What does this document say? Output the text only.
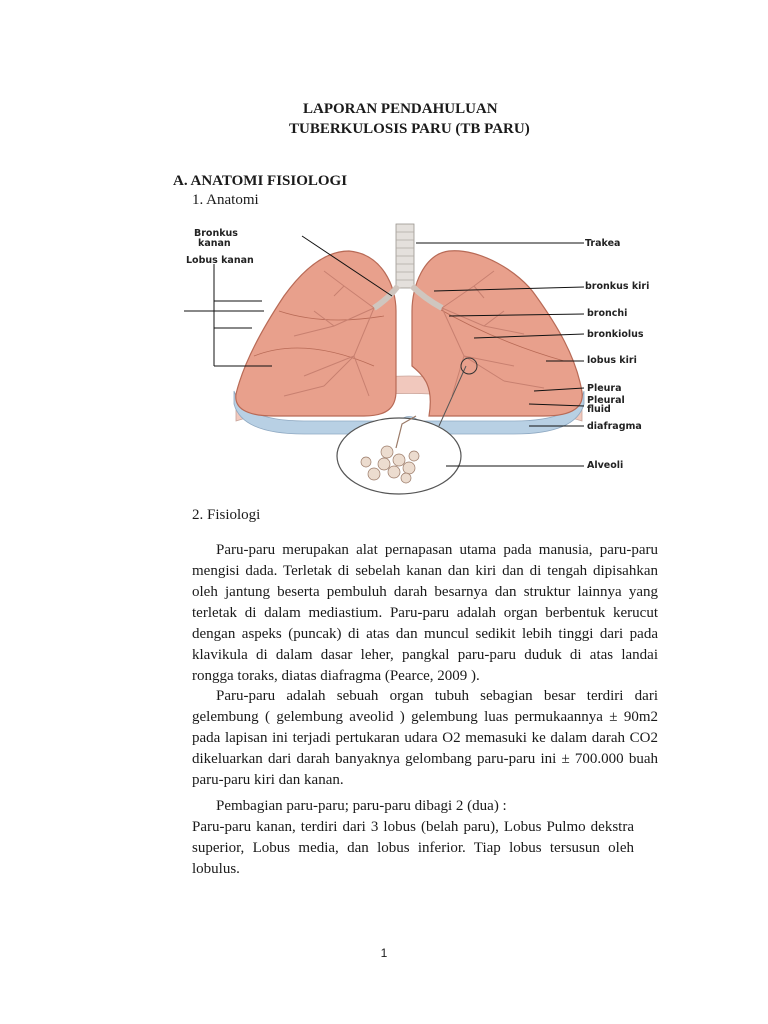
LAPORAN PENDAHULUAN
TUBERKULOSIS PARU (TB PARU)
A. ANATOMI FISIOLOGI
1. Anatomi
Bronkus
kanan
Lobus kanan
Trakea
bronkus kiri
bronchi
bronkiolus
lobus kiri
Pleura
Pleural
fluid
diafragma
Alveoli
2. Fisiologi
Paru-paru merupakan alat pernapasan utama pada manusia, paru-paru mengisi dada. Terletak di sebelah kanan dan kiri dan di tengah dipisahkan oleh jantung beserta pembuluh darah besarnya dan struktur lainnya yang terletak di dalam mediastium. Paru-paru adalah organ berbentuk kerucut dengan aspeks (puncak) di atas dan muncul sedikit lebih tinggi dari pada klavikula di dalam dasar leher, pangkal paru-paru duduk di atas landai rongga toraks, diatas diafragma (Pearce, 2009 ).
Paru-paru adalah sebuah organ tubuh sebagian besar terdiri dari gelembung ( gelembung aveolid ) gelembung luas permukaannya ± 90m2 pada lapisan ini terjadi pertukaran udara O2 memasuki ke dalam darah CO2 dikeluarkan dari darah banyaknya gelombang paru-paru ini ± 700.000 buah paru-paru kiri dan kanan.
Pembagian paru-paru; paru-paru dibagi 2 (dua) :
Paru-paru kanan, terdiri dari 3 lobus (belah paru), Lobus Pulmo dekstra superior, Lobus media, dan lobus inferior. Tiap lobus tersusun oleh lobulus.
1
